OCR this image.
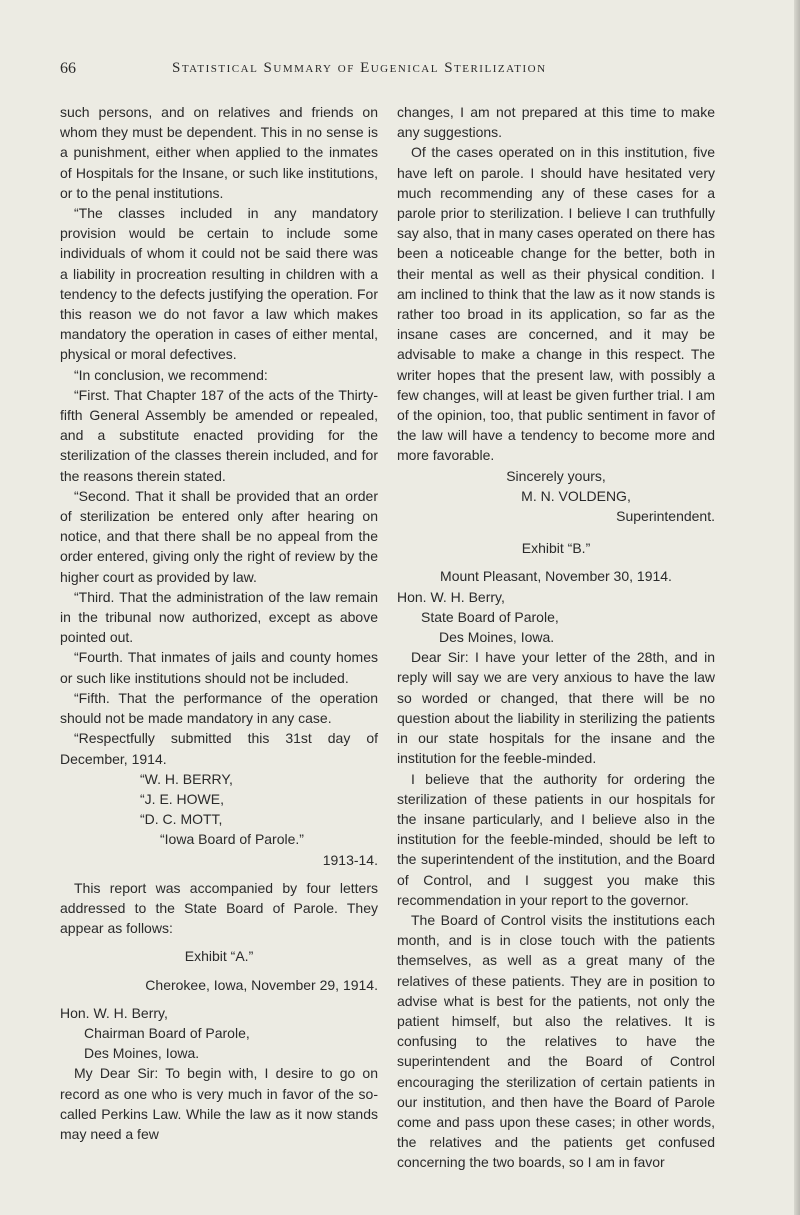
66	Statistical Summary of Eugenical Sterilization

such persons, and on relatives and friends on whom they must be dependent. This in no sense is a punishment, either when applied to the inmates of Hospitals for the Insane, or such like institutions, or to the penal institutions.

“The classes included in any mandatory provision would be certain to include some individuals of whom it could not be said there was a liability in procreation resulting in children with a tendency to the defects justifying the operation. For this reason we do not favor a law which makes mandatory the operation in cases of either mental, physical or moral defectives.

“In conclusion, we recommend:

“First. That Chapter 187 of the acts of the Thirty-fifth General Assembly be amended or repealed, and a substitute enacted providing for the sterilization of the classes therein included, and for the reasons therein stated.

“Second. That it shall be provided that an order of sterilization be entered only after hearing on notice, and that there shall be no appeal from the order entered, giving only the right of review by the higher court as provided by law.

“Third. That the administration of the law remain in the tribunal now authorized, except as above pointed out.

“Fourth. That inmates of jails and county homes or such like institutions should not be included.

“Fifth. That the performance of the operation should not be made mandatory in any case.

“Respectfully submitted this 31st day of December, 1914.

“W. H. BERRY,

“J. E. HOWE,

“D. C. MOTT,

“Iowa Board of Parole.”

1913-14.

This report was accompanied by four letters addressed to the State Board of Parole. They appear as follows:

Exhibit “A.”

Cherokee, Iowa, November 29, 1914.

Hon. W. H. Berry,

Chairman Board of Parole,

Des Moines, Iowa.

My Dear Sir: To begin with, I desire to go on record as one who is very much in favor of the so-called Perkins Law. While the law as it now stands may need a few

changes, I am not prepared at this time to make any suggestions.

Of the cases operated on in this institution, five have left on parole. I should have hesitated very much recommending any of these cases for a parole prior to sterilization. I believe I can truthfully say also, that in many cases operated on there has been a noticeable change for the better, both in their mental as well as their physical condition. I am inclined to think that the law as it now stands is rather too broad in its application, so far as the insane cases are concerned, and it may be advisable to make a change in this respect. The writer hopes that the present law, with possibly a few changes, will at least be given further trial. I am of the opinion, too, that public sentiment in favor of the law will have a tendency to become more and more favorable.

Sincerely yours,

M. N. VOLDENG,

Superintendent.

Exhibit “B.”

Mount Pleasant, November 30, 1914.

Hon. W. H. Berry,

State Board of Parole,

Des Moines, Iowa.

Dear Sir: I have your letter of the 28th, and in reply will say we are very anxious to have the law so worded or changed, that there will be no question about the liability in sterilizing the patients in our state hospitals for the insane and the institution for the feeble-minded.

I believe that the authority for ordering the sterilization of these patients in our hospitals for the insane particularly, and I believe also in the institution for the feeble-minded, should be left to the superintendent of the institution, and the Board of Control, and I suggest you make this recommendation in your report to the governor.

The Board of Control visits the institutions each month, and is in close touch with the patients themselves, as well as a great many of the relatives of these patients. They are in position to advise what is best for the patients, not only the patient himself, but also the relatives. It is confusing to the relatives to have the superintendent and the Board of Control encouraging the sterilization of certain patients in our institution, and then have the Board of Parole come and pass upon these cases; in other words, the relatives and the patients get confused concerning the two boards, so I am in favor
